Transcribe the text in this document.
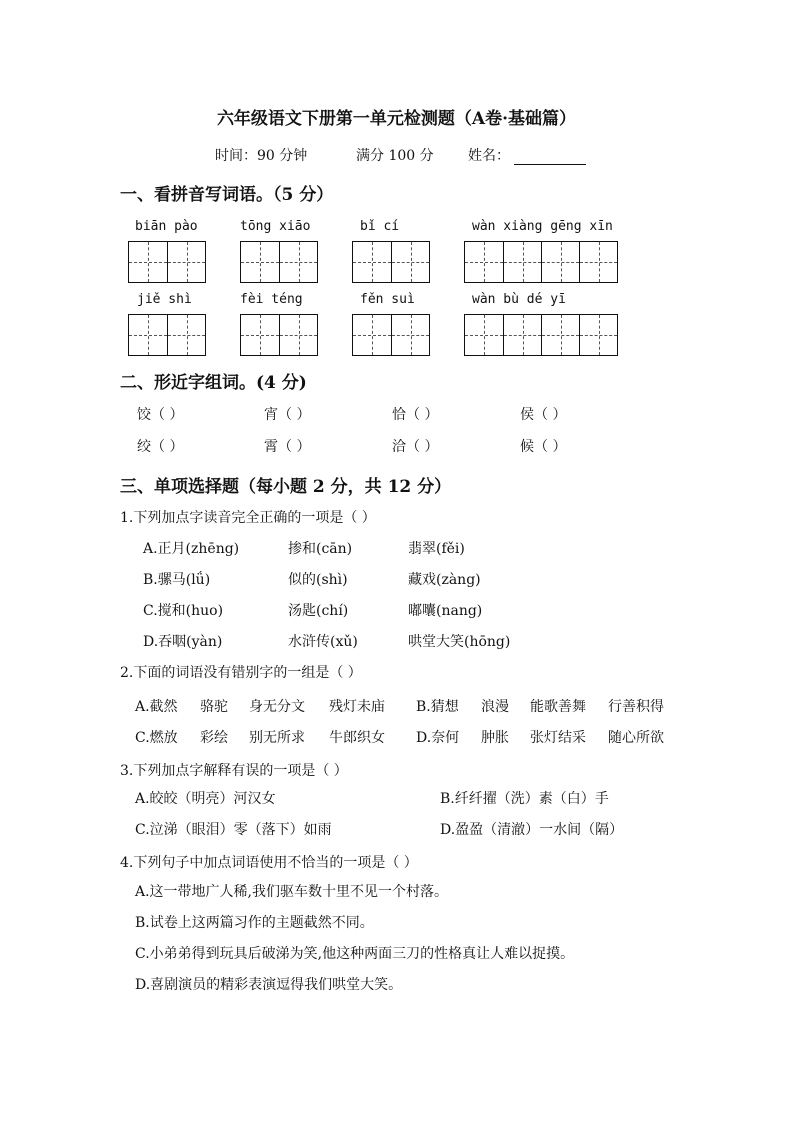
六年级语文下册第一单元检测题（A卷·基础篇）
时间：90 分钟	满分 100 分 姓名：
一、看拼音写词语。（5 分）
biān pào	tōng xiāo	bǐ cí	wàn xiàng gēng xīn
jiě shì	fèi téng	fěn suì	wàn bù dé yī
二、形近字组词。(4 分)
饺（ ）	宵（ ）	恰（ ）	侯（ ）
绞（ ）	霄（ ）	洽（ ）	候（ ）
三、单项选择题（每小题 2 分，共 12 分）
1.下列加点字读音完全正确的一项是（ ）
A.正月(zhēng)	掺和(cān)	翡翠(fěi)
B.骡马(lǘ)	似的(shì)	藏戏(zàng)
C.搅和(huo)	汤匙(chí)	嘟囔(nang)
D.吞咽(yàn)	水浒传(xǔ)	哄堂大笑(hōng)
2.下面的词语没有错别字的一组是（ ）
A.截然 骆驼 身无分文 残灯未庙 B.猜想 浪漫 能歌善舞 行善积得
C.燃放 彩绘 别无所求 牛郎织女 D.奈何 肿胀 张灯结采 随心所欲
3.下列加点字解释有误的一项是（ ）
A.皎皎（明亮）河汉女	B.纤纤擢（洗）素（白）手
C.泣涕（眼泪）零（落下）如雨	D.盈盈（清澈）一水间（隔）
4.下列句子中加点词语使用不恰当的一项是（ ）
A.这一带地广人稀,我们驱车数十里不见一个村落。
B.试卷上这两篇习作的主题截然不同。
C.小弟弟得到玩具后破涕为笑,他这种两面三刀的性格真让人难以捉摸。
D.喜剧演员的精彩表演逗得我们哄堂大笑。
